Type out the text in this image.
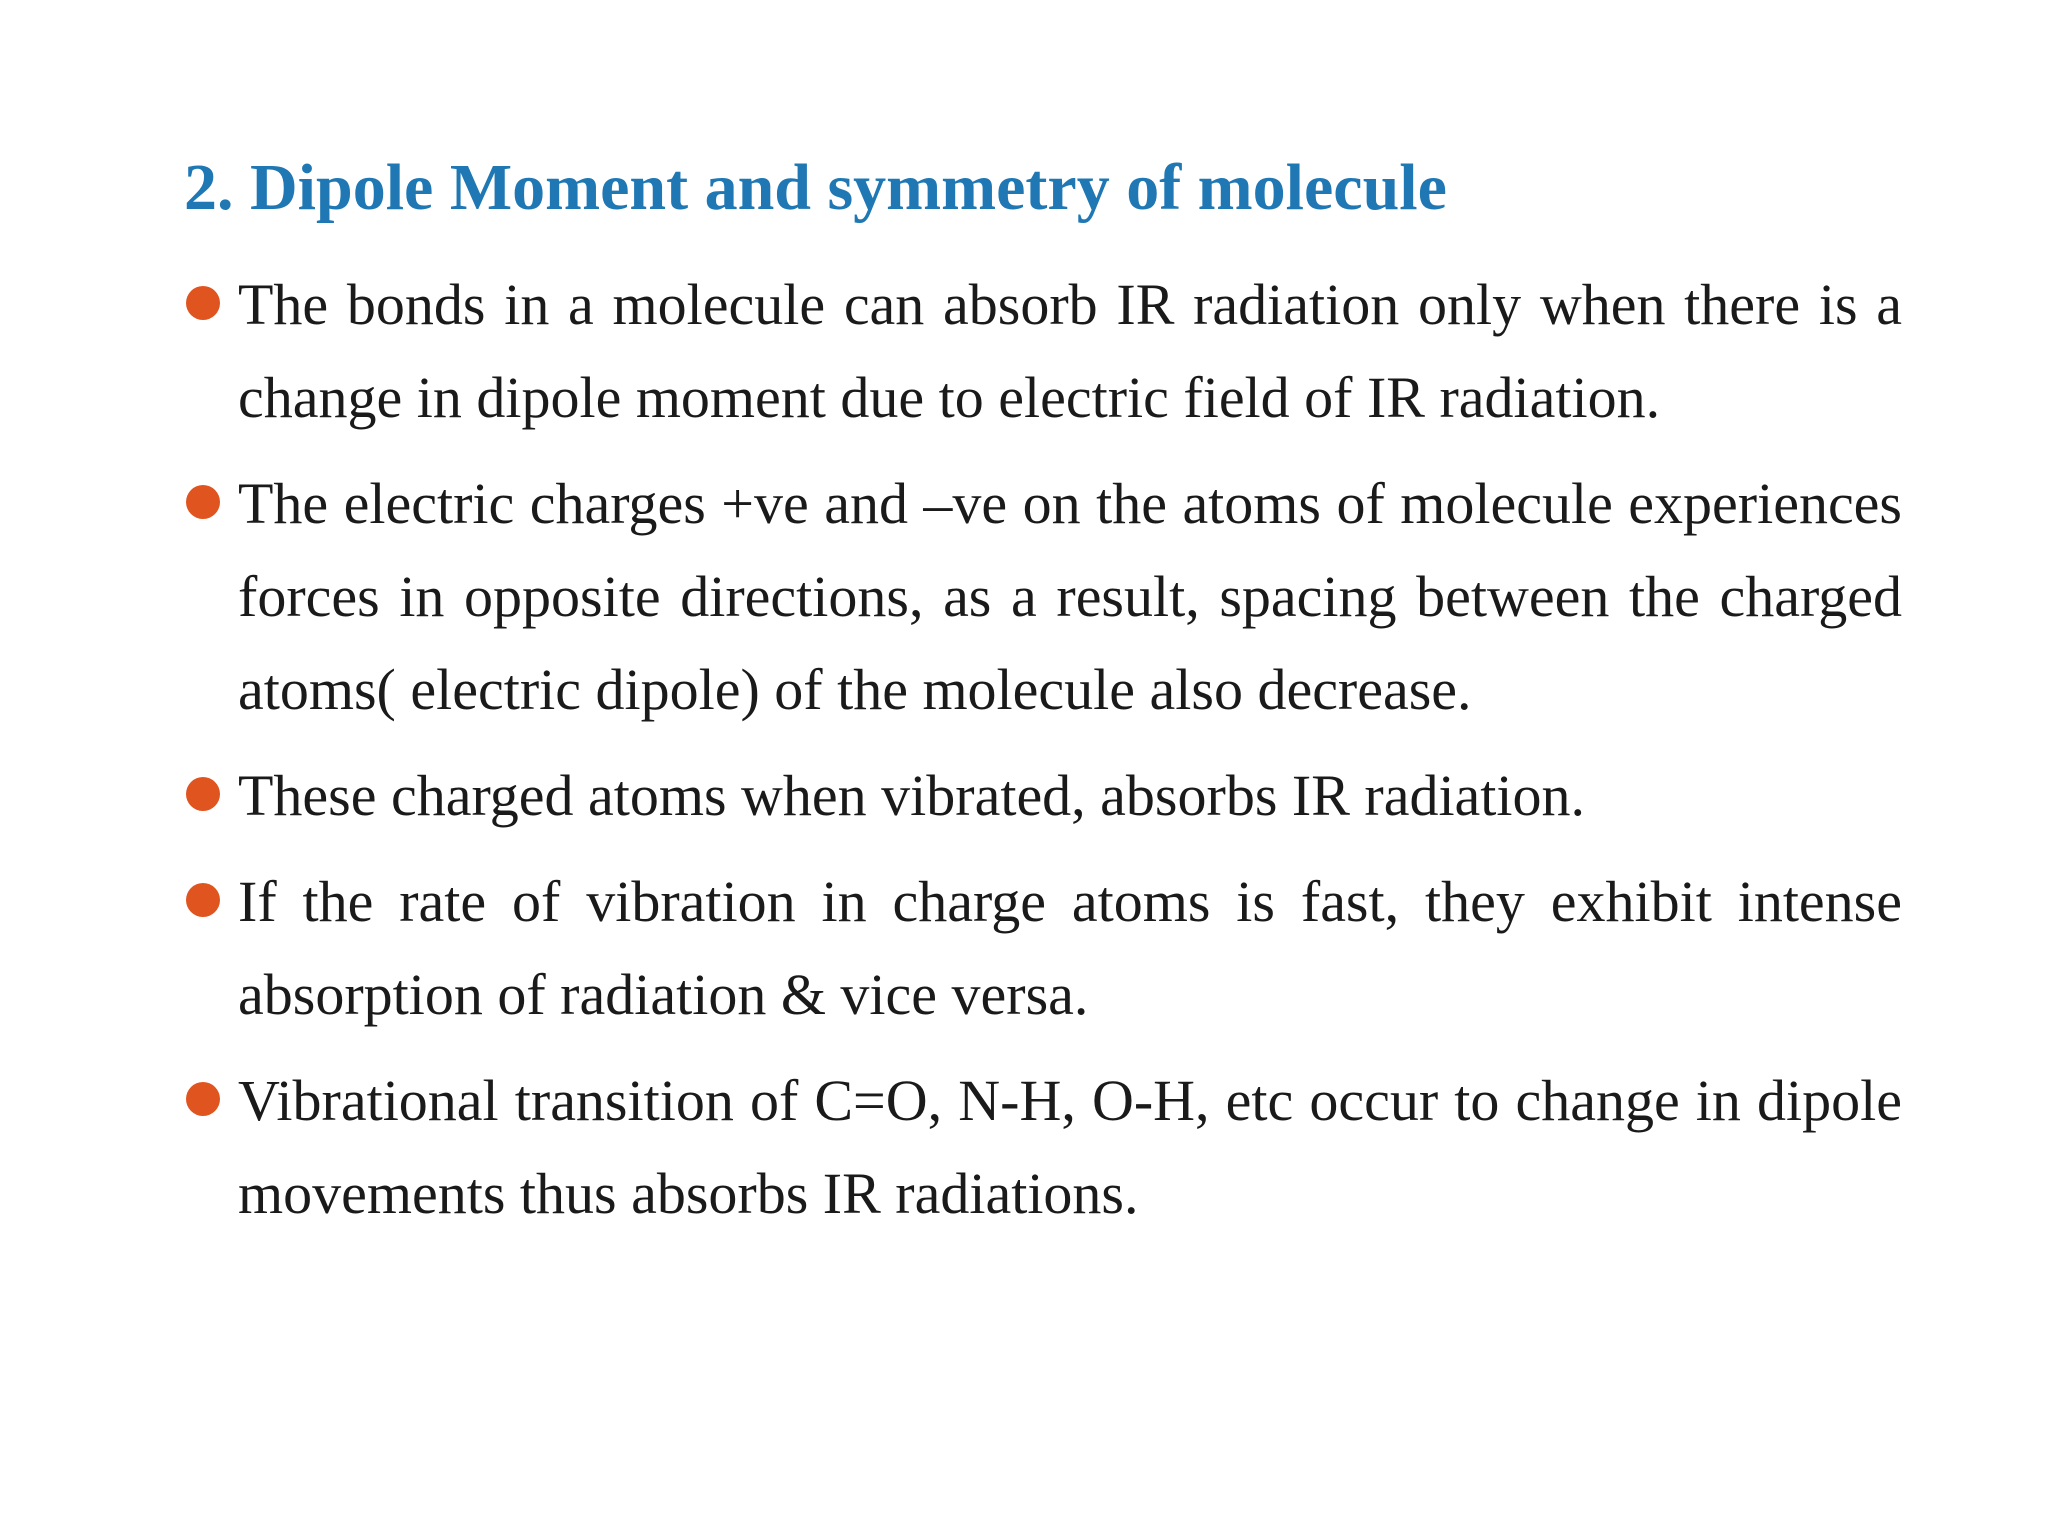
2. Dipole Moment and symmetry of molecule
The bonds in a molecule can absorb IR radiation only when there is a change in dipole moment due to electric field of IR radiation.
The electric charges +ve and –ve on the atoms of molecule experiences forces in opposite directions, as a result, spacing between the charged atoms( electric dipole) of the molecule also decrease.
These charged atoms when vibrated, absorbs IR radiation.
If the rate of vibration in charge atoms is fast, they exhibit intense absorption of radiation & vice versa.
Vibrational transition of C=O, N-H, O-H, etc occur to change in dipole movements thus absorbs IR radiations.
